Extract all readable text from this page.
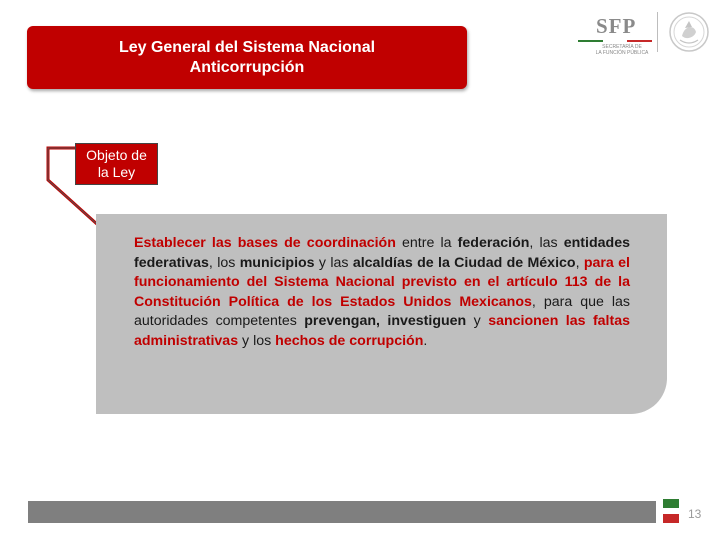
Ley General del Sistema Nacional
Anticorrupción
SFP
SECRETARÍA DE
LA FUNCIÓN PÚBLICA
Objeto de
la Ley
Establecer las bases de coordinación entre la federación, las entidades federativas, los municipios y las alcaldías de la Ciudad de México, para el funcionamiento del Sistema Nacional previsto en el artículo 113 de la Constitución Política de los Estados Unidos Mexicanos, para que las autoridades competentes prevengan, investiguen y sancionen las faltas administrativas y los hechos de corrupción.
13
